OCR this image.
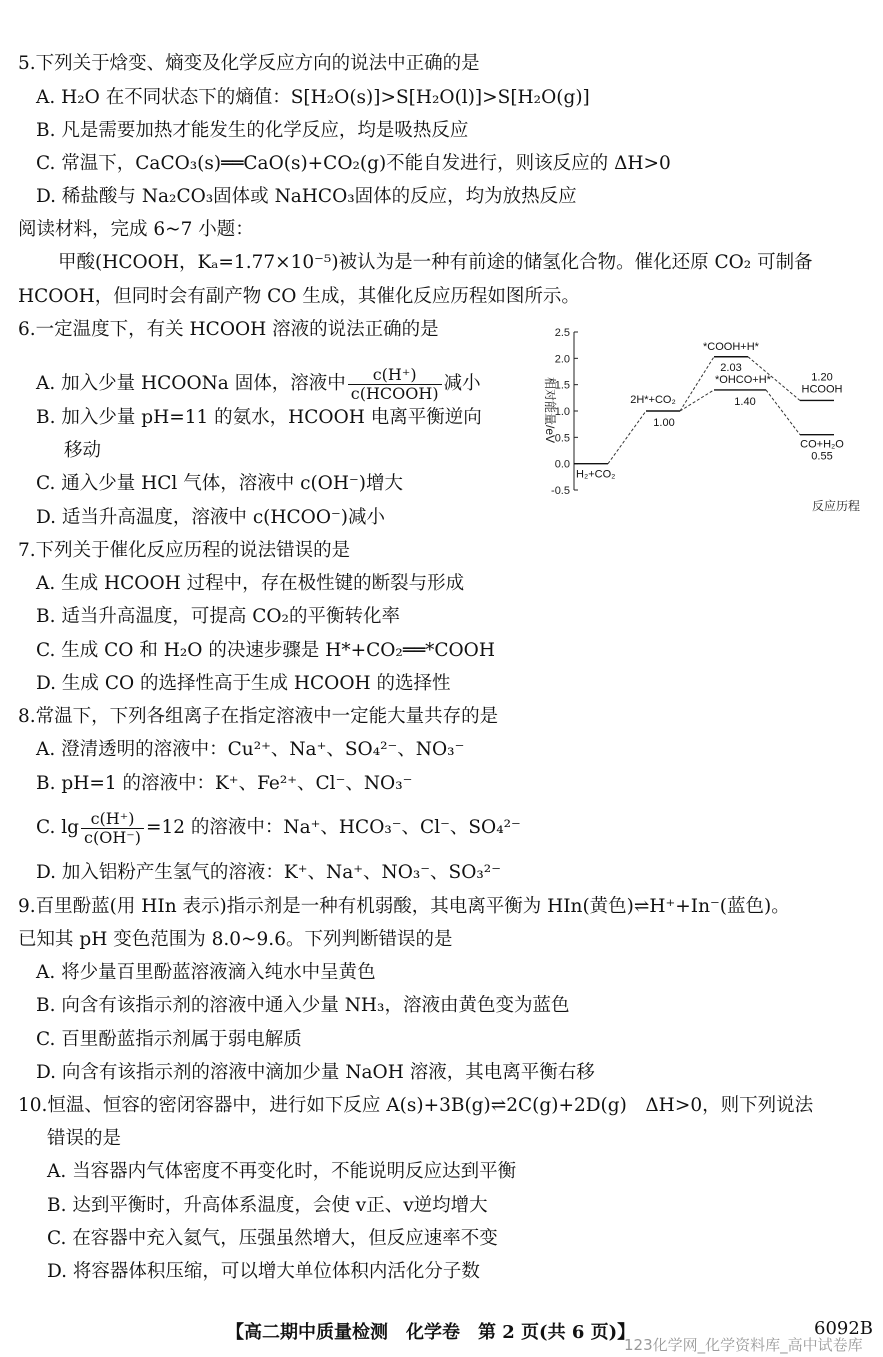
5.下列关于焓变、熵变及化学反应方向的说法中正确的是
A. H₂O 在不同状态下的熵值：S[H₂O(s)]>S[H₂O(l)]>S[H₂O(g)]
B. 凡是需要加热才能发生的化学反应，均是吸热反应
C. 常温下，CaCO₃(s)══CaO(s)+CO₂(g)不能自发进行，则该反应的 ΔH>0
D. 稀盐酸与 Na₂CO₃固体或 NaHCO₃固体的反应，均为放热反应
阅读材料，完成 6~7 小题：
甲酸(HCOOH，Kₐ=1.77×10⁻⁵)被认为是一种有前途的储氢化合物。催化还原 CO₂ 可制备
HCOOH，但同时会有副产物 CO 生成，其催化反应历程如图所示。
6.一定温度下，有关 HCOOH 溶液的说法正确的是
A. 加入少量 HCOONa 固体，溶液中 $\frac{c(H^+)}{\text{c(HCOOH)}}$ 减小
B. 加入少量 pH=11 的氨水，HCOOH 电离平衡逆向
移动
C. 通入少量 HCl 气体，溶液中 c(OH⁻)增大
D. 适当升高温度，溶液中 c(HCOO⁻)减小
2.5
2.0
1.5
1.0
0.5
0.0
-0.5
相对能量/eV
H₂+CO₂
2H*+CO₂
1.00
*COOH+H*
2.03
*OHCO+H*
1.40
HCOOH
1.20
CO+H₂O
0.55
反应历程
7.下列关于催化反应历程的说法错误的是
A. 生成 HCOOH 过程中，存在极性键的断裂与形成
B. 适当升高温度，可提高 CO₂的平衡转化率
C. 生成 CO 和 H₂O 的决速步骤是 H*+CO₂══*COOH
D. 生成 CO 的选择性高于生成 HCOOH 的选择性
8.常温下，下列各组离子在指定溶液中一定能大量共存的是
A. 澄清透明的溶液中：Cu²⁺、Na⁺、SO₄²⁻、NO₃⁻
B. pH=1 的溶液中：K⁺、Fe²⁺、Cl⁻、NO₃⁻
C. $\lg \frac{c(H^+)}{c(OH^-)} =12$ 的溶液中：Na⁺、HCO₃⁻、Cl⁻、SO₄²⁻
D. 加入铝粉产生氢气的溶液：K⁺、Na⁺、NO₃⁻、SO₃²⁻
9.百里酚蓝(用 HIn 表示)指示剂是一种有机弱酸，其电离平衡为 HIn(黄色)⇌H⁺+In⁻(蓝色)。
已知其 pH 变色范围为 8.0~9.6。下列判断错误的是
A. 将少量百里酚蓝溶液滴入纯水中呈黄色
B. 向含有该指示剂的溶液中通入少量 NH₃，溶液由黄色变为蓝色
C. 百里酚蓝指示剂属于弱电解质
D. 向含有该指示剂的溶液中滴加少量 NaOH 溶液，其电离平衡右移
10.恒温、恒容的密闭容器中，进行如下反应 A(s)+3B(g)⇌2C(g)+2D(g)　ΔH>0，则下列说法
错误的是
A. 当容器内气体密度不再变化时，不能说明反应达到平衡
B. 达到平衡时，升高体系温度，会使 v正、v逆均增大
C. 在容器中充入氦气，压强虽然增大，但反应速率不变
D. 将容器体积压缩，可以增大单位体积内活化分子数
【高二期中质量检测　化学卷　第 2 页(共 6 页)】	6092B
123化学网_化学资料库_高中试卷库
